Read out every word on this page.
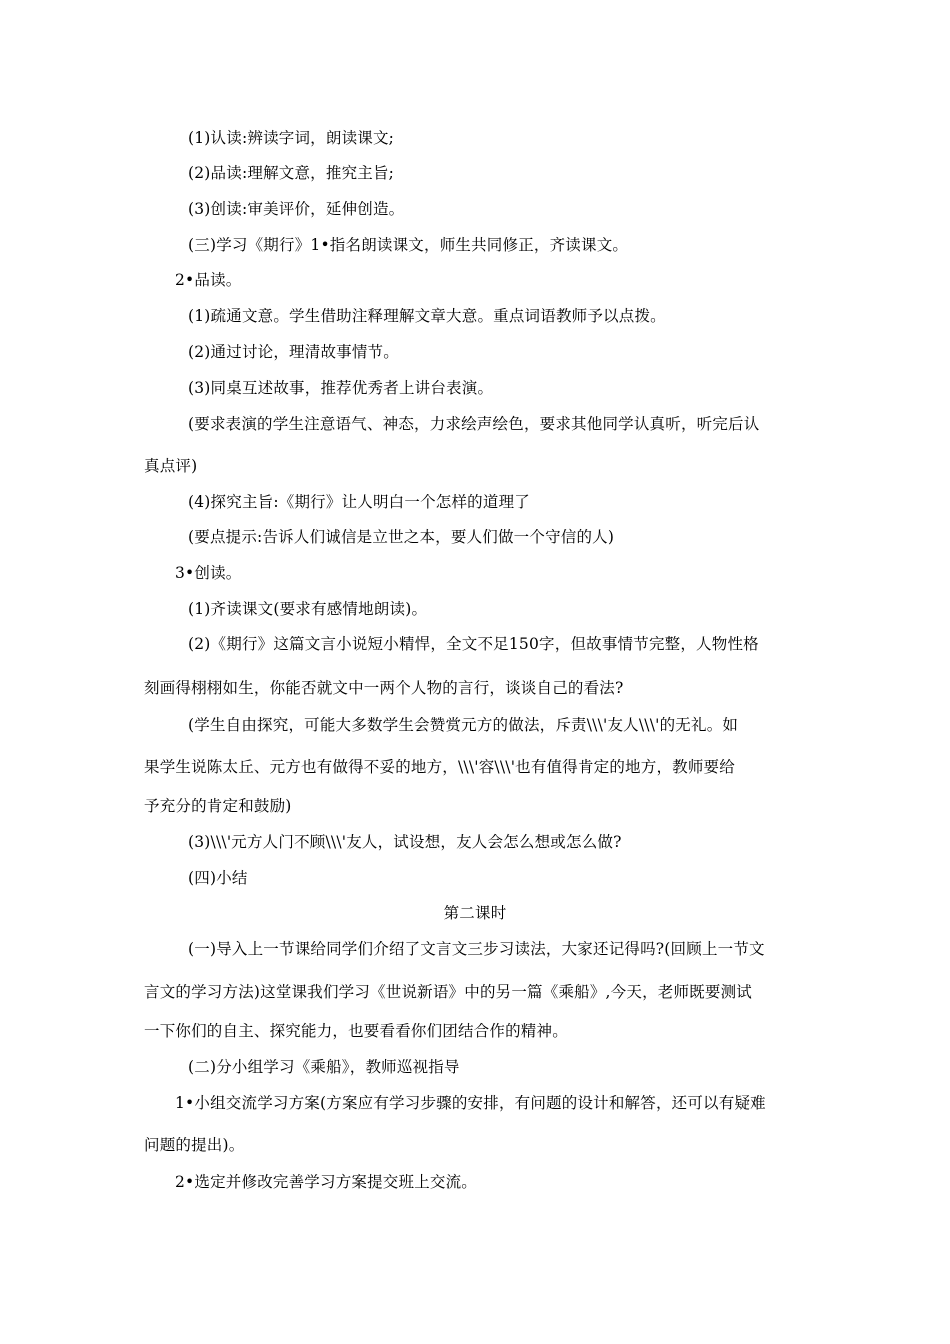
(1)认读:辨读字词，朗读课文;
(2)品读:理解文意，推究主旨;
(3)创读:审美评价，延伸创造。
(三)学习《期行》1•指名朗读课文，师生共同修正，齐读课文。
2•品读。
(1)疏通文意。学生借助注释理解文章大意。重点词语教师予以点拨。
(2)通过讨论，理清故事情节。
(3)同桌互述故事，推荐优秀者上讲台表演。
(要求表演的学生注意语气、神态，力求绘声绘色，要求其他同学认真听，听完后认
真点评)
(4)探究主旨:《期行》让人明白一个怎样的道理了
(要点提示:告诉人们诚信是立世之本，要人们做一个守信的人)
3•创读。
(1)齐读课文(要求有感情地朗读)。
(2)《期行》这篇文言小说短小精悍，全文不足150字，但故事情节完整，人物性格
刻画得栩栩如生，你能否就文中一两个人物的言行，谈谈自己的看法?
(学生自由探究，可能大多数学生会赞赏元方的做法，斥责\\\'友人\\\'的无礼。如
果学生说陈太丘、元方也有做得不妥的地方，\\\'容\\\'也有值得肯定的地方，教师要给
予充分的肯定和鼓励)
(3)\\\'元方人门不顾\\\'友人，试设想，友人会怎么想或怎么做?
(四)小结
第二课时
(一)导入上一节课给同学们介绍了文言文三步习读法，大家还记得吗?(回顾上一节文
言文的学习方法)这堂课我们学习《世说新语》中的另一篇《乘船》,今天，老师既要测试
一下你们的自主、探究能力，也要看看你们团结合作的精神。
(二)分小组学习《乘船》，教师巡视指导
1•小组交流学习方案(方案应有学习步骤的安排，有问题的设计和解答，还可以有疑难
问题的提出)。
2•选定并修改完善学习方案提交班上交流。
